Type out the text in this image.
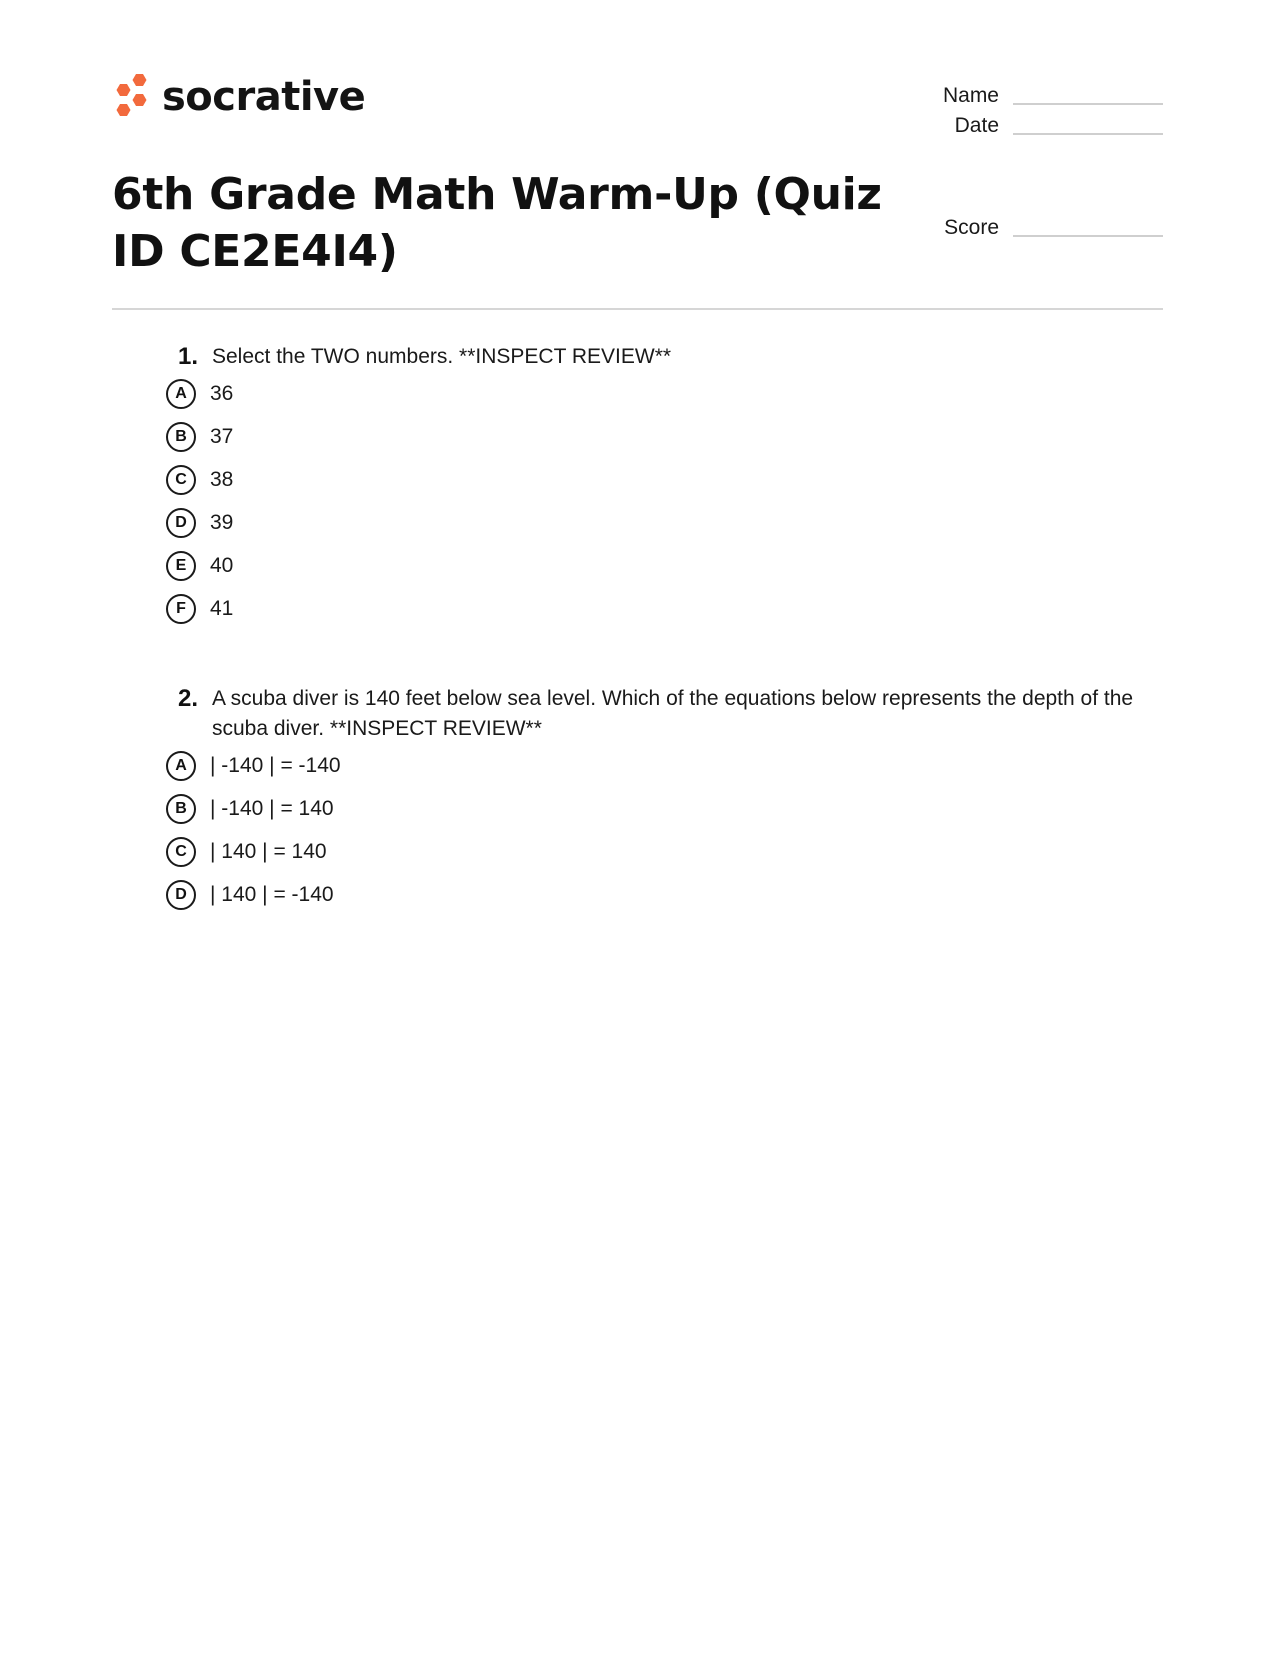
socrative	Name
Date
Score
6th Grade Math Warm-Up (Quiz ID CE2E4I4)
1. Select the TWO numbers. **INSPECT REVIEW**
A	36
B	37
C	38
D	39
E	40
F	41
2. A scuba diver is 140 feet below sea level. Which of the equations below represents the depth of the scuba diver. **INSPECT REVIEW**
A	| -140 | = -140
B	| -140 | = 140
C	| 140 | = 140
D	| 140 | = -140
